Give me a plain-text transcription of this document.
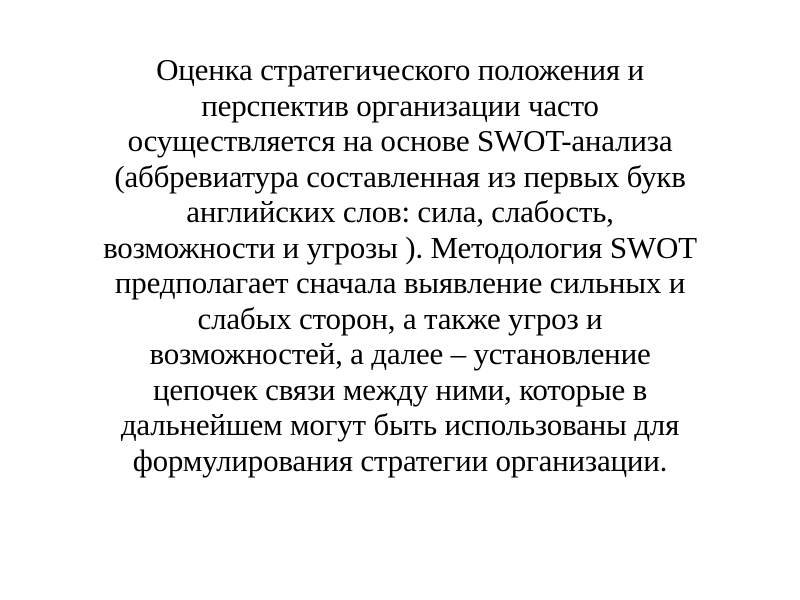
Оценка стратегического положения и
перспектив организации часто
осуществляется на основе SWOT-анализа
(аббревиатура составленная из первых букв
английских слов: сила, слабость,
возможности и угрозы ). Методология SWOT
предполагает сначала выявление сильных и
слабых сторон, а также угроз и
возможностей, а далее – установление
цепочек связи между ними, которые в
дальнейшем могут быть использованы для
формулирования стратегии организации.
